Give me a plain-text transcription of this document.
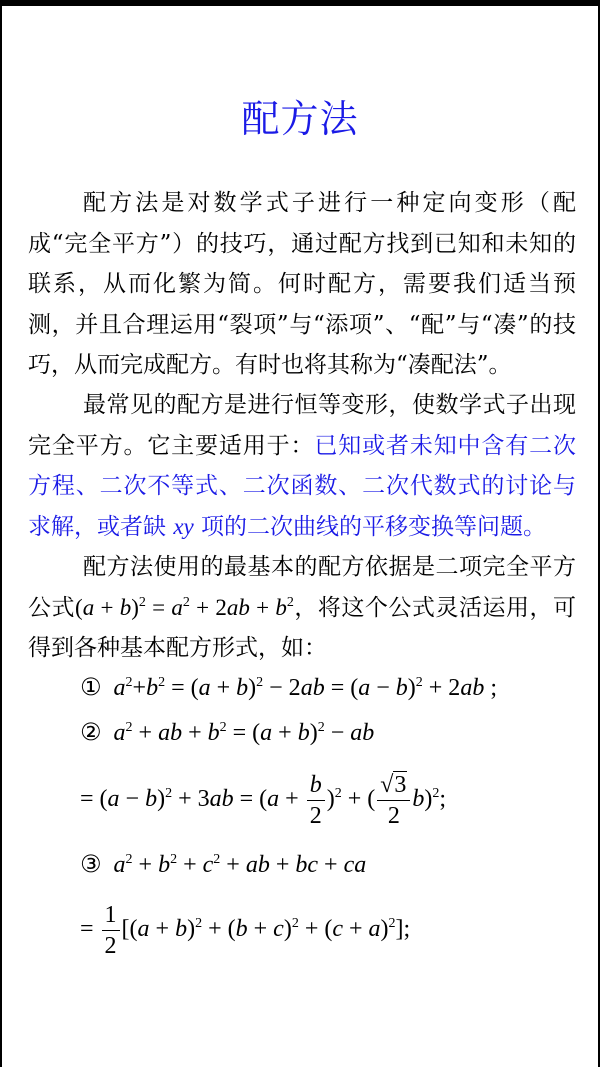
配方法
配方法是对数学式子进行一种定向变形（配成“完全平方”）的技巧，通过配方找到已知和未知的联系，从而化繁为简。何时配方，需要我们适当预测，并且合理运用“裂项”与“添项”、“配”与“凑”的技巧，从而完成配方。有时也将其称为“凑配法”。
最常见的配方是进行恒等变形，使数学式子出现完全平方。它主要适用于：已知或者未知中含有二次方程、二次不等式、二次函数、二次代数式的讨论与求解，或者缺 xy 项的二次曲线的平移变换等问题。
配方法使用的最基本的配方依据是二项完全平方公式$(a + b)^2 = a^2 + 2ab + b^2$，将这个公式灵活运用，可得到各种基本配方形式，如：
① $a^2+b^2 = (a + b)^2 - 2ab = (a - b)^2 + 2ab$ ;
② $a^2$ + ab + $b^2 = (a + b)^2$ − ab
= $(a - b)^2 + 3ab = (a + \frac{b}{2} )^2$ + ( $\frac{√3}{2} b)^2$;
③ $a^2 + b^2 + c^2$ + ab + bc + ca
= $\frac{1}{2} [(a + b)^2 + (b + c)^2 + (c + a)^2]$;
